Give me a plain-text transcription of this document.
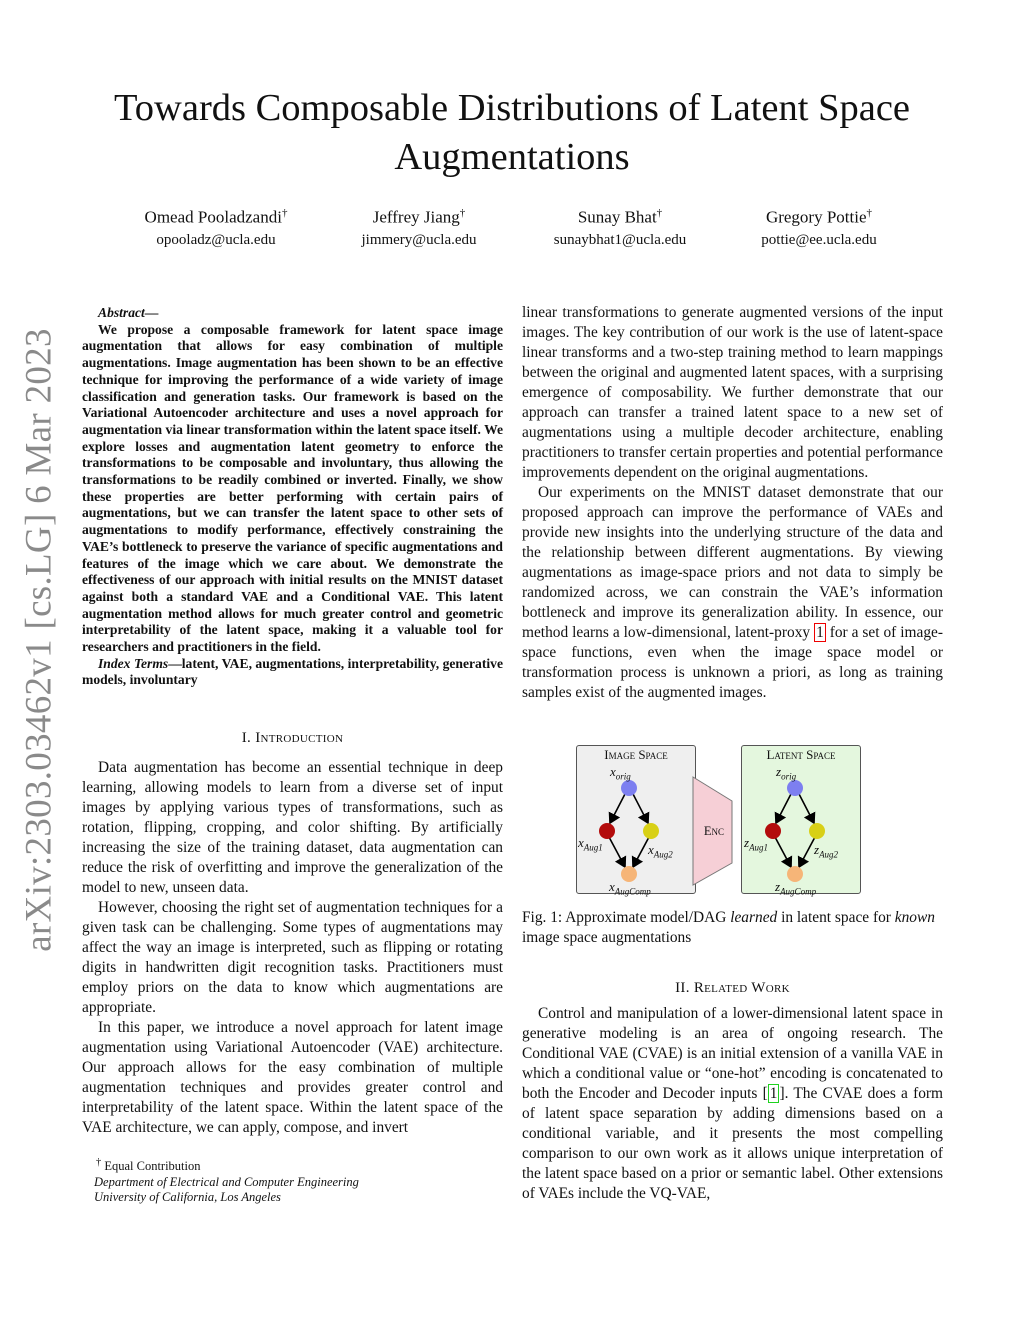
arXiv:2303.03462v1 [cs.LG] 6 Mar 2023
Towards Composable Distributions of Latent Space
Augmentations
Omead Pooladzandi†
opooladz@ucla.edu
Jeffrey Jiang†
jimmery@ucla.edu
Sunay Bhat†
sunaybhat1@ucla.edu
Gregory Pottie†
pottie@ee.ucla.edu

Abstract—

We propose a composable framework for latent space image augmentation that allows for easy combination of multiple augmentations. Image augmentation has been shown to be an effective technique for improving the performance of a wide variety of image classification and generation tasks. Our framework is based on the Variational Autoencoder architecture and uses a novel approach for augmentation via linear transformation within the latent space itself. We explore losses and augmentation latent geometry to enforce the transformations to be composable and involuntary, thus allowing the transformations to be readily combined or inverted. Finally, we show these properties are better performing with certain pairs of augmentations, but we can transfer the latent space to other sets of augmentations to modify performance, effectively constraining the VAE’s bottleneck to preserve the variance of specific augmentations and features of the image which we care about. We demonstrate the effectiveness of our approach with initial results on the MNIST dataset against both a standard VAE and a Conditional VAE. This latent augmentation method allows for much greater control and geometric interpretability of the latent space, making it a valuable tool for researchers and practitioners in the field.

Index Terms—latent, VAE, augmentations, interpretability, generative models, involuntary

I. Introduction

Data augmentation has become an essential technique in deep learning, allowing models to learn from a diverse set of input images by applying various types of transformations, such as rotation, flipping, cropping, and color shifting. By artificially increasing the size of the training dataset, data augmentation can reduce the risk of overfitting and improve the generalization of the model to new, unseen data.

However, choosing the right set of augmentation techniques for a given task can be challenging. Some types of augmentations may affect the way an image is interpreted, such as flipping or rotating digits in handwritten digit recognition tasks. Practitioners must employ priors on the data to know which augmentations are appropriate.

In this paper, we introduce a novel approach for latent image augmentation using Variational Autoencoder (VAE) architecture. Our approach allows for the easy combination of multiple augmentation techniques and provides greater control and interpretability of the latent space. Within the latent space of the VAE architecture, we can apply, compose, and invert

† Equal Contribution
Department of Electrical and Computer Engineering
University of California, Los Angeles

linear transformations to generate augmented versions of the input images. The key contribution of our work is the use of latent-space linear transforms and a two-step training method to learn mappings between the original and augmented latent spaces, with a surprising emergence of composability. We further demonstrate that our approach can transfer a trained latent space to a new set of augmentations using a multiple decoder architecture, enabling practitioners to transfer certain properties and potential performance improvements dependent on the original augmentations.

Our experiments on the MNIST dataset demonstrate that our proposed approach can improve the performance of VAEs and provide new insights into the underlying structure of the data and the relationship between different augmentations. By viewing augmentations as image-space priors and not data to simply be randomized across, we can constrain the VAE’s information bottleneck and improve its generalization ability. In essence, our method learns a low-dimensional, latent-proxy 1 for a set of image-space functions, even when the image space model or transformation process is unknown a priori, as long as training samples exist of the augmented images.

Image Space	Latent Space
Enc
$x_{orig}$
$x_{Aug1}$	$x_{Aug2}$
$x_{AugComp}$
$z_{orig}$
$z_{Aug1}$	$z_{Aug2}$
$z_{AugComp}$
Fig. 1: Approximate model/DAG learned in latent space for known image space augmentations
II. Related Work

Control and manipulation of a lower-dimensional latent space in generative modeling is an area of ongoing research. The Conditional VAE (CVAE) is an initial extension of a vanilla VAE in which a conditional value or “one-hot” encoding is concatenated to both the Encoder and Decoder inputs [ 1 ]. The CVAE does a form of latent space separation by adding dimensions based on a conditional variable, and it presents the most compelling comparison to our own work as it allows unique interpretation of the latent space based on a prior or semantic label. Other extensions of VAEs include the VQ-VAE,
